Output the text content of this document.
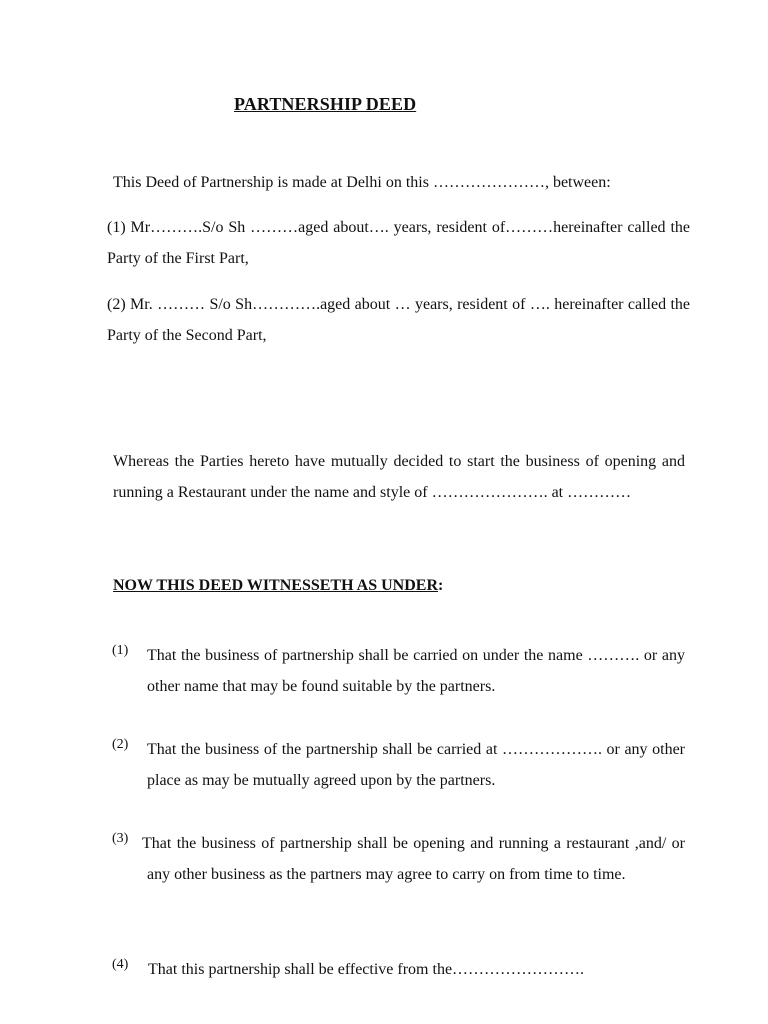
PARTNERSHIP DEED
This Deed of Partnership is made at Delhi on this …………………, between:
(1) Mr……….S/o Sh ………aged about…. years, resident of………hereinafter called the Party of the First Part,
(2) Mr. ……… S/o Sh………….aged about … years, resident of …. hereinafter called the Party of the Second Part,
Whereas the Parties hereto have mutually decided to start the business of opening and running a Restaurant under the name and style of …………………. at …………
NOW THIS DEED WITNESSETH AS UNDER:
(1) That the business of partnership shall be carried on under the name ………. or any other name that may be found suitable by the partners.
(2) That the business of the partnership shall be carried at ………………. or any other place as may be mutually agreed upon by the partners.
(3) That the business of partnership shall be opening and running a restaurant ,and/ or any other business as the partners may agree to carry on from time to time.
(4) That this partnership shall be effective from the…………………….
